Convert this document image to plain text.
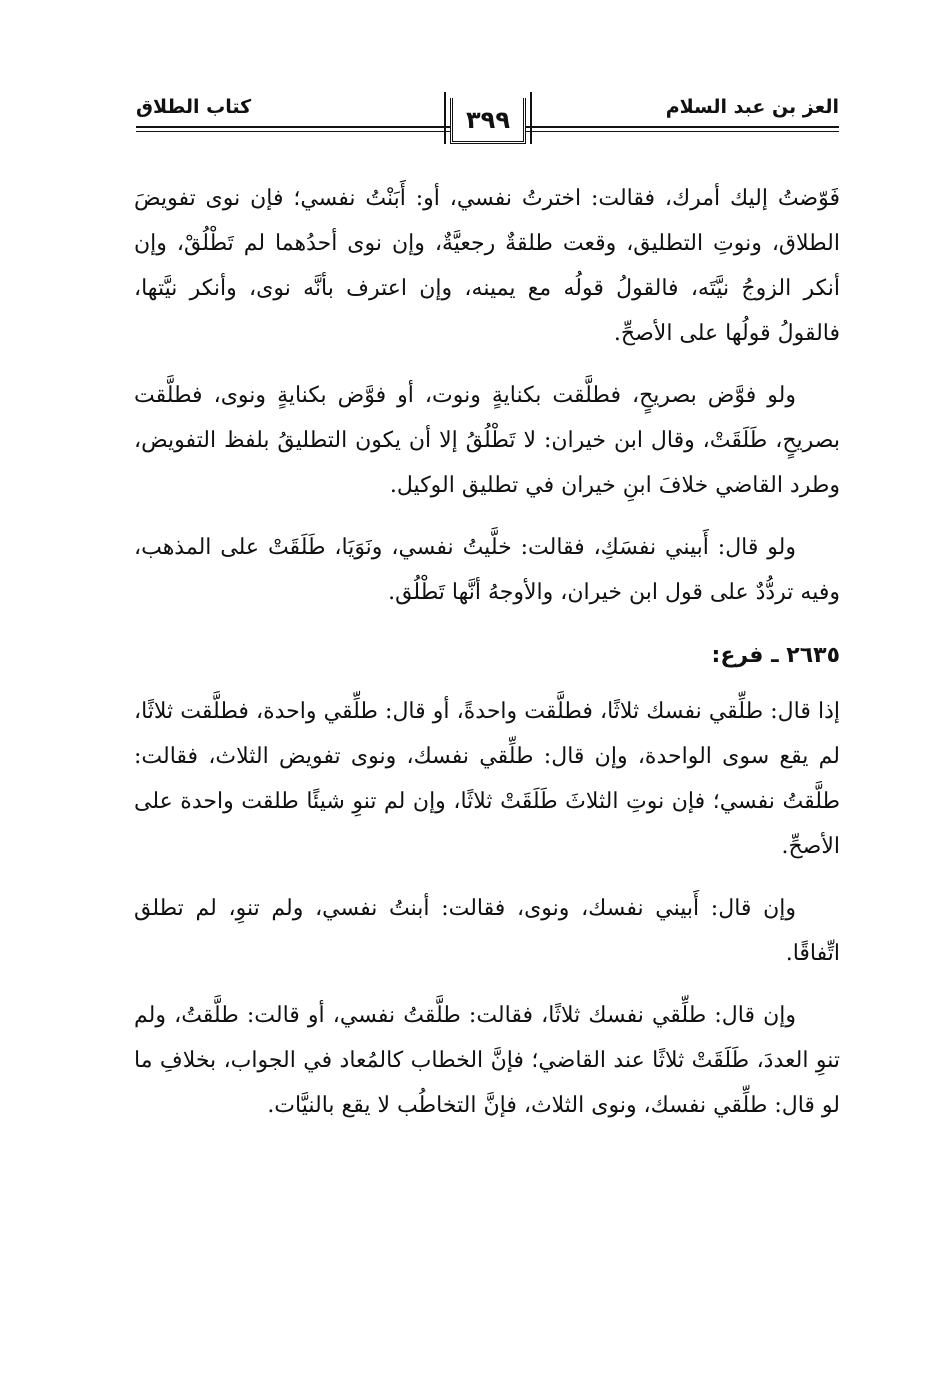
العز بن عبد السلام
كتاب الطلاق	٣٩٩

فَوّضتُ إليك أمرك، فقالت: اخترتُ نفسي، أو: أَبَنْتُ نفسي؛ فإن نوى تفويضَ الطلاق، ونوتِ التطليق، وقعت طلقةٌ رجعيَّةٌ، وإن نوى أحدُهما لم تَطْلُقْ، وإن أنكر الزوجُ نيَّتَه، فالقولُ قولُه مع يمينه، وإن اعترف بأنَّه نوى، وأنكر نيَّتها، فالقولُ قولُها على الأصحِّ.

ولو فوَّض بصريحٍ، فطلَّقت بكنايةٍ ونوت، أو فوَّض بكنايةٍ ونوى، فطلَّقت بصريحٍ، طَلَقَتْ، وقال ابن خيران: لا تَطْلُقُ إلا أن يكون التطليقُ بلفظ التفويض، وطرد القاضي خلافَ ابنِ خيران في تطليق الوكيل.

ولو قال: أَبيني نفسَكِ، فقالت: خلَّيتُ نفسي، ونَوَيَا، طَلَقَتْ على المذهب، وفيه تردُّدٌ على قول ابن خيران، والأوجهُ أنَّها تَطْلُق.

٢٦٣٥ ـ فرع:

إذا قال: طلِّقي نفسك ثلاثًا، فطلَّقت واحدةً، أو قال: طلِّقي واحدة، فطلَّقت ثلاثًا، لم يقع سوى الواحدة، وإن قال: طلِّقي نفسك، ونوى تفويض الثلاث، فقالت: طلَّقتُ نفسي؛ فإن نوتِ الثلاثَ طَلَقَتْ ثلاثًا، وإن لم تنوِ شيئًا طلقت واحدة على الأصحِّ.

وإن قال: أَبيني نفسك، ونوى، فقالت: أبنتُ نفسي، ولم تنوِ، لم تطلق اتِّفاقًا.

وإن قال: طلِّقي نفسك ثلاثًا، فقالت: طلَّقتُ نفسي، أو قالت: طلَّقتُ، ولم تنوِ العددَ، طَلَقَتْ ثلاثًا عند القاضي؛ فإنَّ الخطاب كالمُعاد في الجواب، بخلافِ ما لو قال: طلِّقي نفسك، ونوى الثلاث، فإنَّ التخاطُب لا يقع بالنيَّات.
